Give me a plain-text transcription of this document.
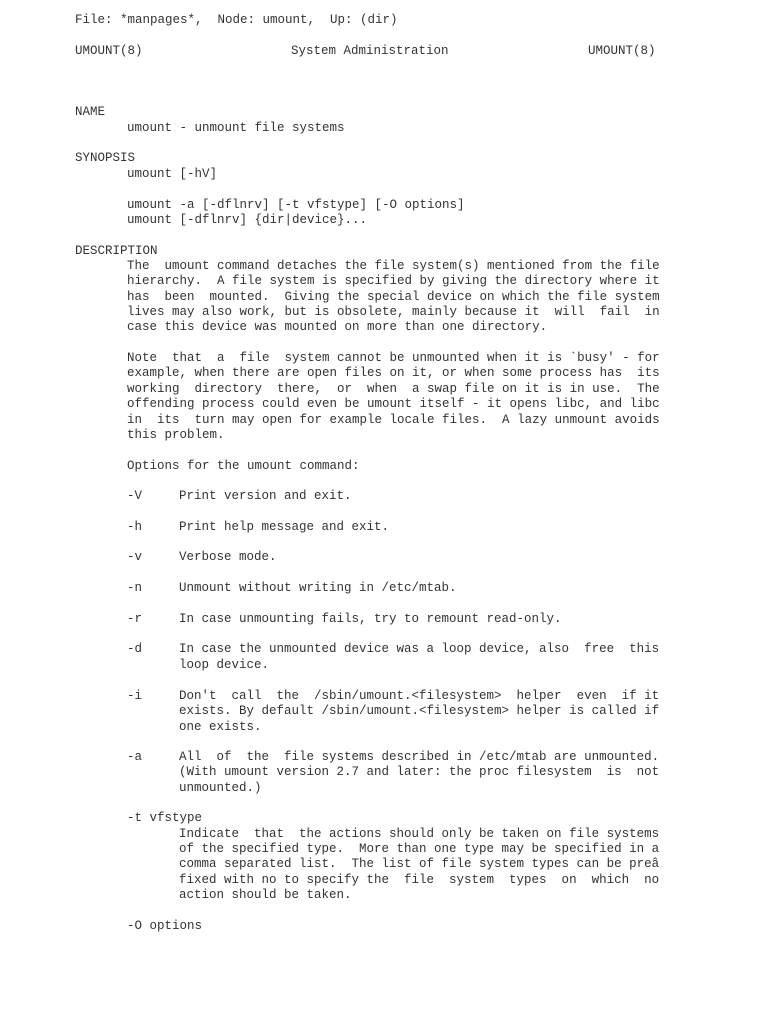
File: *manpages*,  Node: umount,  Up: (dir)
UMOUNT(8)	System Administration	UMOUNT(8)
NAME
umount - unmount file systems
SYNOPSIS
umount [-hV]
umount -a [-dflnrv] [-t vfstype] [-O options]
umount [-dflnrv] {dir|device}...
DESCRIPTION
The  umount command detaches the file system(s) mentioned from the file
hierarchy.  A file system is specified by giving the directory where it
has  been  mounted.  Giving the special device on which the file system
lives may also work, but is obsolete, mainly because it  will  fail  in
case this device was mounted on more than one directory.
Note  that  a  file  system cannot be unmounted when it is `busy' - for
example, when there are open files on it, or when some process has  its
working  directory  there,  or  when  a swap file on it is in use.  The
offending process could even be umount itself - it opens libc, and libc
in  its  turn may open for example locale files.  A lazy unmount avoids
this problem.
Options for the umount command:
-V	Print version and exit.
-h	Print help message and exit.
-v	Verbose mode.
-n	Unmount without writing in /etc/mtab.
-r	In case unmounting fails, try to remount read-only.
-d	In case the unmounted device was a loop device, also  free  this
loop device.
-i	Don't  call  the  /sbin/umount.<filesystem>  helper  even  if it
exists. By default /sbin/umount.<filesystem> helper is called if
one exists.
-a	All  of  the  file systems described in /etc/mtab are unmounted.
(With umount version 2.7 and later: the proc filesystem  is  not
unmounted.)
-t vfstype
Indicate  that  the actions should only be taken on file systems
of the specified type.  More than one type may be specified in a
comma separated list.  The list of file system types can be preâ
fixed with no to specify the  file  system  types  on  which  no
action should be taken.
-O options
